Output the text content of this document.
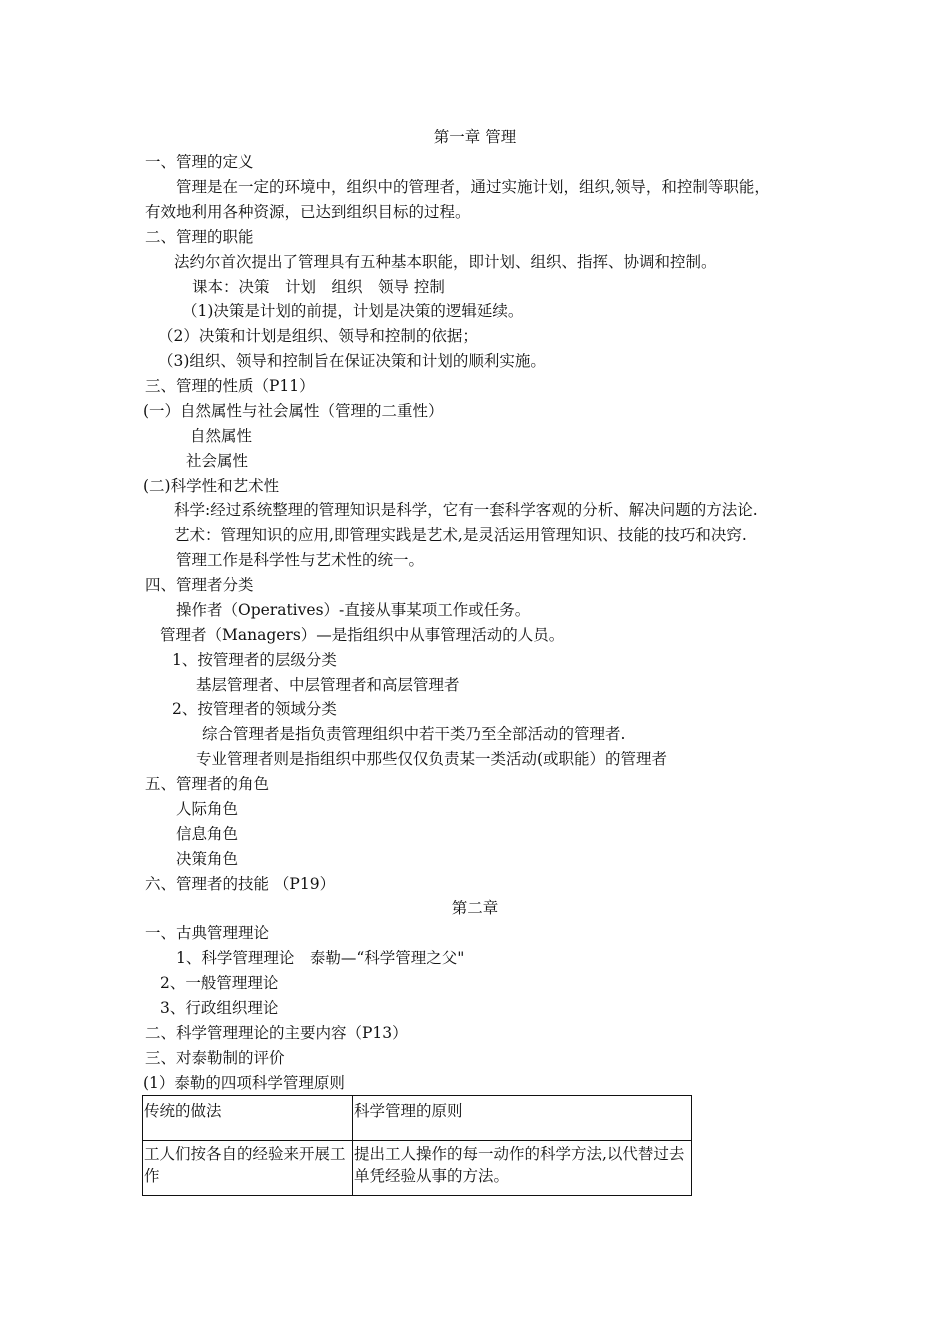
第一章 管理
一、管理的定义
管理是在一定的环境中，组织中的管理者，通过实施计划，组织,领导，和控制等职能，
有效地利用各种资源，已达到组织目标的过程。
二、管理的职能
法约尔首次提出了管理具有五种基本职能，即计划、组织、指挥、协调和控制。
课本：决策　计划　组织　领导 控制
（1)决策是计划的前提，计划是决策的逻辑延续。
（2）决策和计划是组织、领导和控制的依据；
（3)组织、领导和控制旨在保证决策和计划的顺利实施。
三、管理的性质（P11）
(一）自然属性与社会属性（管理的二重性）
自然属性
社会属性
(二)科学性和艺术性
科学:经过系统整理的管理知识是科学，它有一套科学客观的分析、解决问题的方法论.
艺术：管理知识的应用,即管理实践是艺术,是灵活运用管理知识、技能的技巧和决窍.
管理工作是科学性与艺术性的统一。
四、管理者分类
操作者（Operatives）-直接从事某项工作或任务。
管理者（Managers）—是指组织中从事管理活动的人员。
1、按管理者的层级分类
基层管理者、中层管理者和高层管理者
2、按管理者的领域分类
综合管理者是指负责管理组织中若干类乃至全部活动的管理者.
专业管理者则是指组织中那些仅仅负责某一类活动(或职能）的管理者
五、管理者的角色
人际角色
信息角色
决策角色
六、管理者的技能 （P19）
第二章
一、古典管理理论
1、科学管理理论　泰勒—“科学管理之父"
2、一般管理理论
3、行政组织理论
二、科学管理理论的主要内容（P13）
三、对泰勒制的评价
(1）泰勒的四项科学管理原则
传统的做法	科学管理的原则
工人们按各自的经验来开展工作	提出工人操作的每一动作的科学方法,以代替过去单凭经验从事的方法。
